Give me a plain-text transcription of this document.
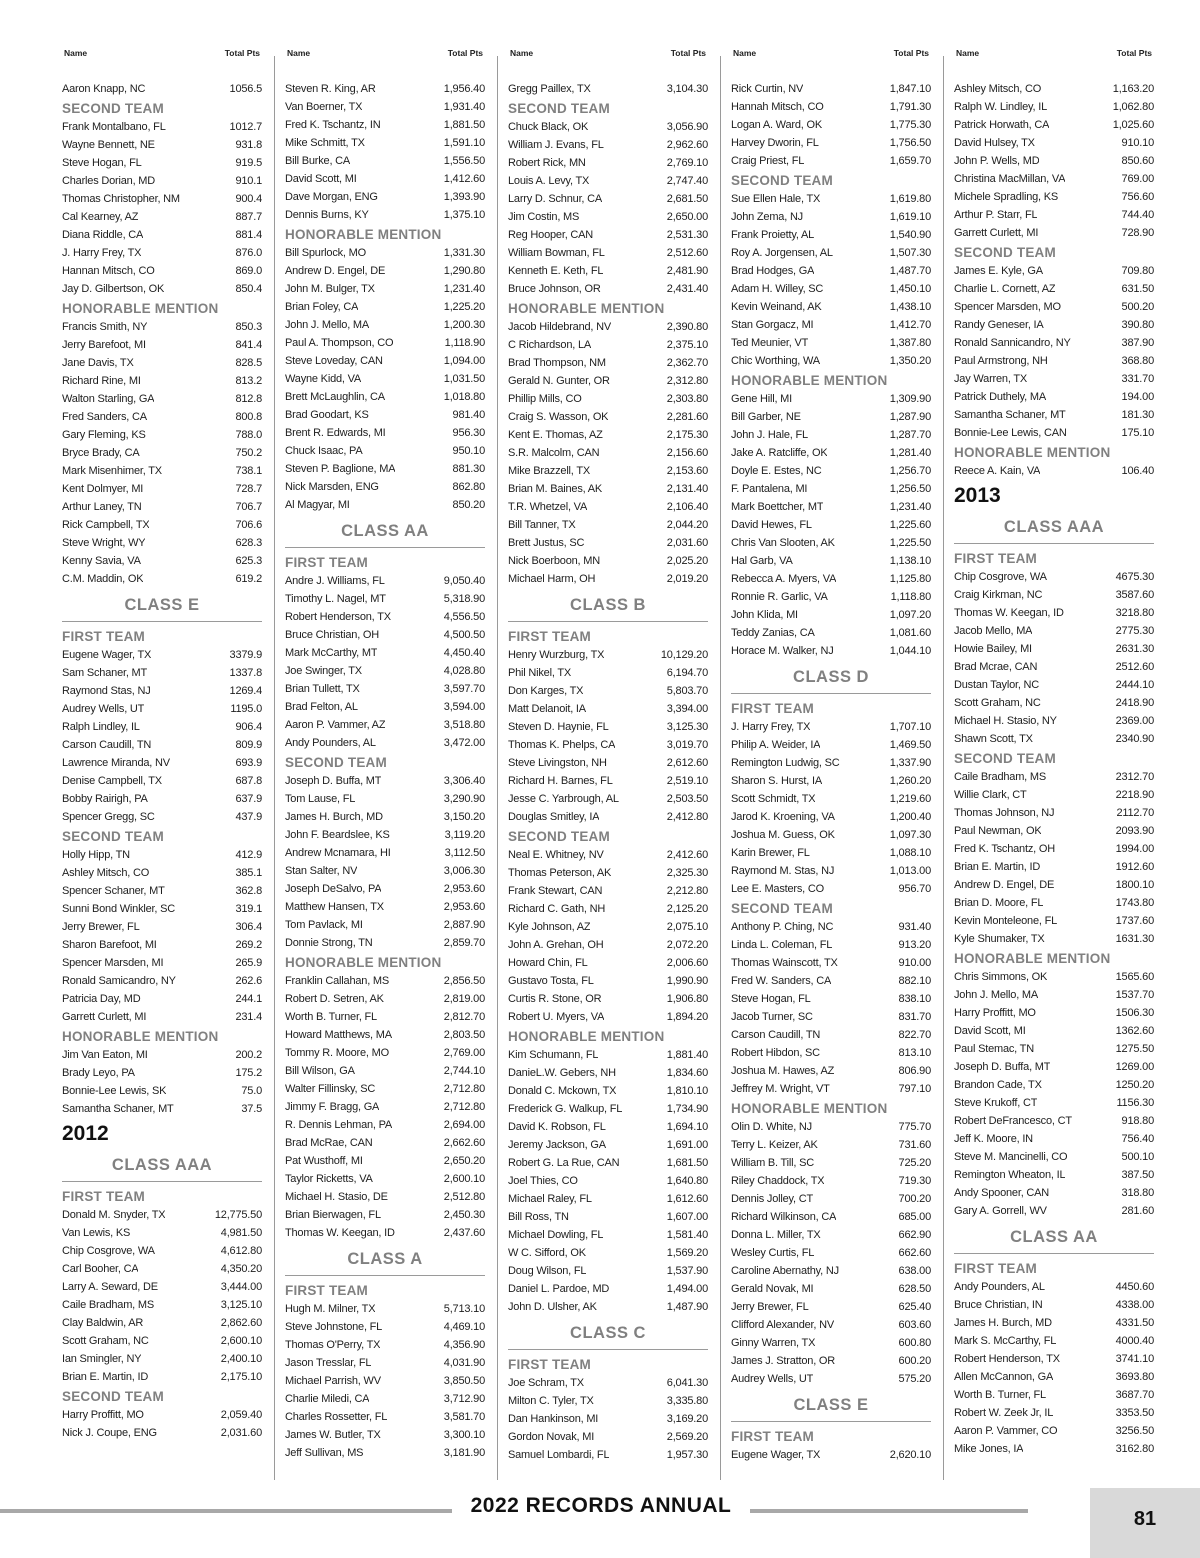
Name	Total Pts
Aaron Knapp, NC	1056.5
SECOND TEAM
Frank Montalbano, FL	1012.7
Wayne Bennett, NE	931.8
Steve Hogan, FL	919.5
Charles Dorian, MD	910.1
Thomas Christopher, NM	900.4
Cal Kearney, AZ	887.7
Diana Riddle, CA	881.4
J. Harry Frey, TX	876.0
Hannan Mitsch, CO	869.0
Jay D. Gilbertson, OK	850.4
HONORABLE MENTION
Francis Smith, NY	850.3
Jerry Barefoot, MI	841.4
Jane Davis, TX	828.5
Richard Rine, MI	813.2
Walton Starling, GA	812.8
Fred Sanders, CA	800.8
Gary Fleming, KS	788.0
Bryce Brady, CA	750.2
Mark Misenhimer, TX	738.1
Kent Dolmyer, MI	728.7
Arthur Laney, TN	706.7
Rick Campbell, TX	706.6
Steve Wright, WY	628.3
Kenny Savia, VA	625.3
C.M. Maddin, OK	619.2
CLASS E
FIRST TEAM
Eugene Wager, TX	3379.9
Sam Schaner, MT	1337.8
Raymond Stas, NJ	1269.4
Audrey Wells, UT	1195.0
Ralph Lindley, IL	906.4
Carson Caudill, TN	809.9
Lawrence Miranda, NV	693.9
Denise Campbell, TX	687.8
Bobby Rairigh, PA	637.9
Spencer Gregg, SC	437.9
SECOND TEAM
Holly Hipp, TN	412.9
Ashley Mitsch, CO	385.1
Spencer Schaner, MT	362.8
Sunni Bond Winkler, SC	319.1
Jerry Brewer, FL	306.4
Sharon Barefoot, MI	269.2
Spencer Marsden, MI	265.9
Ronald Samicandro, NY	262.6
Patricia Day, MD	244.1
Garrett Curlett, MI	231.4
HONORABLE MENTION
Jim Van Eaton, MI	200.2
Brady Leyo, PA	175.2
Bonnie-Lee Lewis, SK	75.0
Samantha Schaner, MT	37.5
2012
CLASS AAA
FIRST TEAM
Donald M. Snyder, TX	12,775.50
Van Lewis, KS	4,981.50
Chip Cosgrove, WA	4,612.80
Carl Booher, CA	4,350.20
Larry A. Seward, DE	3,444.00
Caile Bradham, MS	3,125.10
Clay Baldwin, AR	2,862.60
Scott Graham, NC	2,600.10
Ian Smingler, NY	2,400.10
Brian E. Martin, ID	2,175.10
SECOND TEAM
Harry Proffitt, MO	2,059.40
Nick J. Coupe, ENG	2,031.60
Name	Total Pts
Steven R. King, AR	1,956.40
Van Boerner, TX	1,931.40
Fred K. Tschantz, IN	1,881.50
Mike Schmitt, TX	1,591.10
Bill Burke, CA	1,556.50
David Scott, MI	1,412.60
Dave Morgan, ENG	1,393.90
Dennis Burns, KY	1,375.10
HONORABLE MENTION
Bill Spurlock, MO	1,331.30
Andrew D. Engel, DE	1,290.80
John M. Bulger, TX	1,231.40
Brian Foley, CA	1,225.20
John J. Mello, MA	1,200.30
Paul A. Thompson, CO	1,118.90
Steve Loveday, CAN	1,094.00
Wayne Kidd, VA	1,031.50
Brett McLaughlin, CA	1,018.80
Brad Goodart, KS	981.40
Brent R. Edwards, MI	956.30
Chuck Isaac, PA	950.10
Steven P. Baglione, MA	881.30
Nick Marsden, ENG	862.80
Al Magyar, MI	850.20
CLASS AA
FIRST TEAM
Andre J. Williams, FL	9,050.40
Timothy L. Nagel, MT	5,318.90
Robert Henderson, TX	4,556.50
Bruce Christian, OH	4,500.50
Mark McCarthy, MT	4,450.40
Joe Swinger, TX	4,028.80
Brian Tullett, TX	3,597.70
Brad Felton, AL	3,594.00
Aaron P. Vammer, AZ	3,518.80
Andy Pounders, AL	3,472.00
SECOND TEAM
Joseph D. Buffa, MT	3,306.40
Tom Lause, FL	3,290.90
James H. Burch, MD	3,150.20
John F. Beardslee, KS	3,119.20
Andrew Mcnamara, HI	3,112.50
Stan Salter, NV	3,006.30
Joseph DeSalvo, PA	2,953.60
Matthew Hansen, TX	2,953.60
Tom Pavlack, MI	2,887.90
Donnie Strong, TN	2,859.70
HONORABLE MENTION
Franklin Callahan, MS	2,856.50
Robert D. Setren, AK	2,819.00
Worth B. Turner, FL	2,812.70
Howard Matthews, MA	2,803.50
Tommy R. Moore, MO	2,769.00
Bill Wilson, GA	2,744.10
Walter Fillinsky, SC	2,712.80
Jimmy F. Bragg, GA	2,712.80
R. Dennis Lehman, PA	2,694.00
Brad McRae, CAN	2,662.60
Pat Wusthoff, MI	2,650.20
Taylor Ricketts, VA	2,600.10
Michael H. Stasio, DE	2,512.80
Brian Bierwagen, FL	2,450.30
Thomas W. Keegan, ID	2,437.60
CLASS A
FIRST TEAM
Hugh M. Milner, TX	5,713.10
Steve Johnstone, FL	4,469.10
Thomas O'Perry, TX	4,356.90
Jason Tresslar, FL	4,031.90
Michael Parrish, WV	3,850.50
Charlie Miledi, CA	3,712.90
Charles Rossetter, FL	3,581.70
James W. Butler, TX	3,300.10
Jeff Sullivan, MS	3,181.90
Name	Total Pts
Gregg Paillex, TX	3,104.30
SECOND TEAM
Chuck Black, OK	3,056.90
William J. Evans, FL	2,962.60
Robert Rick, MN	2,769.10
Louis A. Levy, TX	2,747.40
Larry D. Schnur, CA	2,681.50
Jim Costin, MS	2,650.00
Reg Hooper, CAN	2,531.30
William Bowman, FL	2,512.60
Kenneth E. Keth, FL	2,481.90
Bruce Johnson, OR	2,431.40
HONORABLE MENTION
Jacob Hildebrand, NV	2,390.80
C Richardson, LA	2,375.10
Brad Thompson, NM	2,362.70
Gerald N. Gunter, OR	2,312.80
Phillip Mills, CO	2,303.80
Craig S. Wasson, OK	2,281.60
Kent E. Thomas, AZ	2,175.30
S.R. Malcolm, CAN	2,156.60
Mike Brazzell, TX	2,153.60
Brian M. Baines, AK	2,131.40
T.R. Whetzel, VA	2,106.40
Bill Tanner, TX	2,044.20
Brett Justus, SC	2,031.60
Nick Boerboon, MN	2,025.20
Michael Harm, OH	2,019.20
CLASS B
FIRST TEAM
Henry Wurzburg, TX	10,129.20
Phil Nikel, TX	6,194.70
Don Karges, TX	5,803.70
Matt Delanoit, IA	3,394.00
Steven D. Haynie, FL	3,125.30
Thomas K. Phelps, CA	3,019.70
Steve Livingston, NH	2,612.60
Richard H. Barnes, FL	2,519.10
Jesse C. Yarbrough, AL	2,503.50
Douglas Smitley, IA	2,412.80
SECOND TEAM
Neal E. Whitney, NV	2,412.60
Thomas Peterson, AK	2,325.30
Frank Stewart, CAN	2,212.80
Richard C. Gath, NH	2,125.20
Kyle Johnson, AZ	2,075.10
John A. Grehan, OH	2,072.20
Howard Chin, FL	2,006.60
Gustavo Tosta, FL	1,990.90
Curtis R. Stone, OR	1,906.80
Robert U. Myers, VA	1,894.20
HONORABLE MENTION
Kim Schumann, FL	1,881.40
DanieL.W. Gebers, NH	1,834.60
Donald C. Mckown, TX	1,810.10
Frederick G. Walkup, FL	1,734.90
David K. Robson, FL	1,694.10
Jeremy Jackson, GA	1,691.00
Robert G. La Rue, CAN	1,681.50
Joel Thies, CO	1,640.80
Michael Raley, FL	1,612.60
Bill Ross, TN	1,607.00
Michael Dowling, FL	1,581.40
W C. Sifford, OK	1,569.20
Doug Wilson, FL	1,537.90
Daniel L. Pardoe, MD	1,494.00
John D. Ulsher, AK	1,487.90
CLASS C
FIRST TEAM
Joe Schram, TX	6,041.30
Milton C. Tyler, TX	3,335.80
Dan Hankinson, MI	3,169.20
Gordon Novak, MI	2,569.20
Samuel Lombardi, FL	1,957.30
Name	Total Pts
Rick Curtin, NV	1,847.10
Hannah Mitsch, CO	1,791.30
Logan A. Ward, OK	1,775.30
Harvey Dworin, FL	1,756.50
Craig Priest, FL	1,659.70
SECOND TEAM
Sue Ellen Hale, TX	1,619.80
John Zema, NJ	1,619.10
Frank Proietty, AL	1,540.90
Roy A. Jorgensen, AL	1,507.30
Brad Hodges, GA	1,487.70
Adam H. Willey, SC	1,450.10
Kevin Weinand, AK	1,438.10
Stan Gorgacz, MI	1,412.70
Ted Meunier, VT	1,387.80
Chic Worthing, WA	1,350.20
HONORABLE MENTION
Gene Hill, MI	1,309.90
Bill Garber, NE	1,287.90
John J. Hale, FL	1,287.70
Jake A. Ratcliffe, OK	1,281.40
Doyle E. Estes, NC	1,256.70
F. Pantalena, MI	1,256.50
Mark Boettcher, MT	1,231.40
David Hewes, FL	1,225.60
Chris Van Slooten, AK	1,225.50
Hal Garb, VA	1,138.10
Rebecca A. Myers, VA	1,125.80
Ronnie R. Garlic, VA	1,118.80
John Klida, MI	1,097.20
Teddy Zanias, CA	1,081.60
Horace M. Walker, NJ	1,044.10
CLASS D
FIRST TEAM
J. Harry Frey, TX	1,707.10
Philip A. Weider, IA	1,469.50
Remington Ludwig, SC	1,337.90
Sharon S. Hurst, IA	1,260.20
Scott Schmidt, TX	1,219.60
Jarod K. Kroening, VA	1,200.40
Joshua M. Guess, OK	1,097.30
Karin Brewer, FL	1,088.10
Raymond M. Stas, NJ	1,013.00
Lee E. Masters, CO	956.70
SECOND TEAM
Anthony P. Ching, NC	931.40
Linda L. Coleman, FL	913.20
Thomas Wainscott, TX	910.00
Fred W. Sanders, CA	882.10
Steve Hogan, FL	838.10
Jacob Turner, SC	831.70
Carson Caudill, TN	822.70
Robert Hibdon, SC	813.10
Joshua M. Hawes, AZ	806.90
Jeffrey M. Wright, VT	797.10
HONORABLE MENTION
Olin D. White, NJ	775.70
Terry L. Keizer, AK	731.60
William B. Till, SC	725.20
Riley Chaddock, TX	719.30
Dennis Jolley, CT	700.20
Richard Wilkinson, CA	685.00
Donna L. Miller, TX	662.90
Wesley Curtis, FL	662.60
Caroline Abernathy, NJ	638.00
Gerald Novak, MI	628.50
Jerry Brewer, FL	625.40
Clifford Alexander, NV	603.60
Ginny Warren, TX	600.80
James J. Stratton, OR	600.20
Audrey Wells, UT	575.20
CLASS E
FIRST TEAM
Eugene Wager, TX	2,620.10
Name	Total Pts
Ashley Mitsch, CO	1,163.20
Ralph W. Lindley, IL	1,062.80
Patrick Horwath, CA	1,025.60
David Hulsey, TX	910.10
John P. Wells, MD	850.60
Christina MacMillan, VA	769.00
Michele Spradling, KS	756.60
Arthur P. Starr, FL	744.40
Garrett Curlett, MI	728.90
SECOND TEAM
James E. Kyle, GA	709.80
Charlie L. Cornett, AZ	631.50
Spencer Marsden, MO	500.20
Randy Geneser, IA	390.80
Ronald Sannicandro, NY	387.90
Paul Armstrong, NH	368.80
Jay Warren, TX	331.70
Patrick Duthely, MA	194.00
Samantha Schaner, MT	181.30
Bonnie-Lee Lewis, CAN	175.10
HONORABLE MENTION
Reece A. Kain, VA	106.40
2013
CLASS AAA
FIRST TEAM
Chip Cosgrove, WA	4675.30
Craig Kirkman, NC	3587.60
Thomas W. Keegan, ID	3218.80
Jacob Mello, MA	2775.30
Howie Bailey, MI	2631.30
Brad Mcrae, CAN	2512.60
Dustan Taylor, NC	2444.10
Scott Graham, NC	2418.90
Michael H. Stasio, NY	2369.00
Shawn Scott, TX	2340.90
SECOND TEAM
Caile Bradham, MS	2312.70
Willie Clark, CT	2218.90
Thomas Johnson, NJ	2112.70
Paul Newman, OK	2093.90
Fred K. Tschantz, OH	1994.00
Brian E. Martin, ID	1912.60
Andrew D. Engel, DE	1800.10
Brian D. Moore, FL	1743.80
Kevin Monteleone, FL	1737.60
Kyle Shumaker, TX	1631.30
HONORABLE MENTION
Chris Simmons, OK	1565.60
John J. Mello, MA	1537.70
Harry Proffitt, MO	1506.30
David Scott, MI	1362.60
Paul Stemac, TN	1275.50
Joseph D. Buffa, MT	1269.00
Brandon Cade, TX	1250.20
Steve Krukoff, CT	1156.30
Robert DeFrancesco, CT	918.80
Jeff K. Moore, IN	756.40
Steve M. Mancinelli, CO	500.10
Remington Wheaton, IL	387.50
Andy Spooner, CAN	318.80
Gary A. Gorrell, WV	281.60
CLASS AA
FIRST TEAM
Andy Pounders, AL	4450.60
Bruce Christian, IN	4338.00
James H. Burch, MD	4331.50
Mark S. McCarthy, FL	4000.40
Robert Henderson, TX	3741.10
Allen McCannon, GA	3693.80
Worth B. Turner, FL	3687.70
Robert W. Zeek Jr, IL	3353.50
Aaron P. Vammer, CO	3256.50
Mike Jones, IA	3162.80
2022 RECORDS ANNUAL
81
